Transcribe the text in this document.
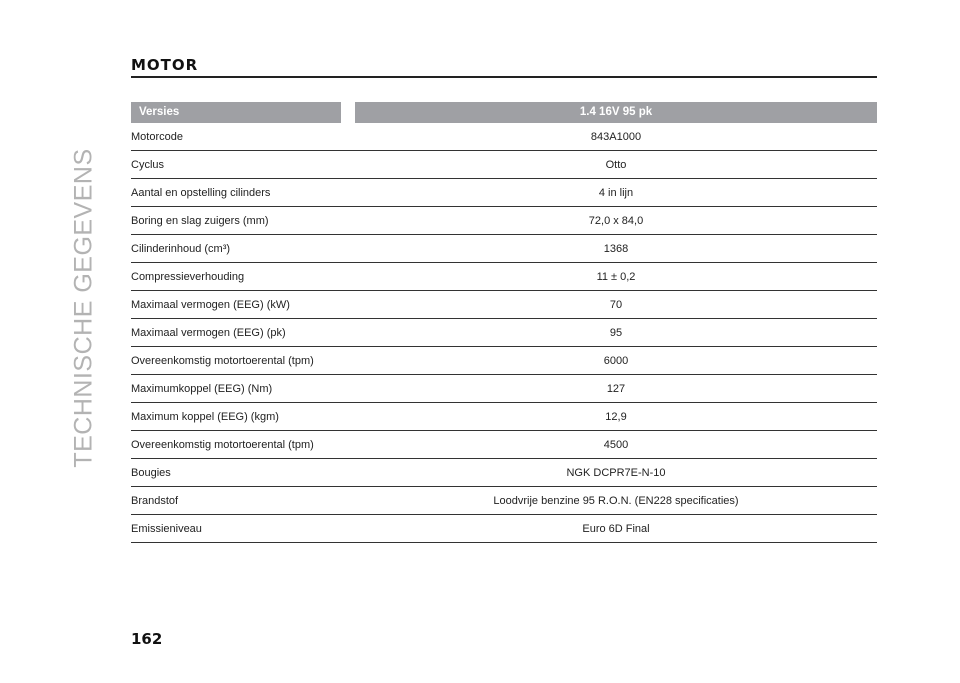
TECHNISCHE GEGEVENS
MOTOR
Versies	1.4 16V 95 pk
Motorcode	843A1000
Cyclus	Otto
Aantal en opstelling cilinders	4 in lijn
Boring en slag zuigers (mm)	72,0 x 84,0
Cilinderinhoud (cm³)	1368
Compressieverhouding	11 ± 0,2
Maximaal vermogen (EEG) (kW)	70
Maximaal vermogen (EEG) (pk)	95
Overeenkomstig motortoerental (tpm)	6000
Maximumkoppel (EEG) (Nm)	127
Maximum koppel (EEG) (kgm)	12,9
Overeenkomstig motortoerental (tpm)	4500
Bougies	NGK DCPR7E-N-10
Brandstof	Loodvrije benzine 95 R.O.N. (EN228 specificaties)
Emissieniveau	Euro 6D Final
162
